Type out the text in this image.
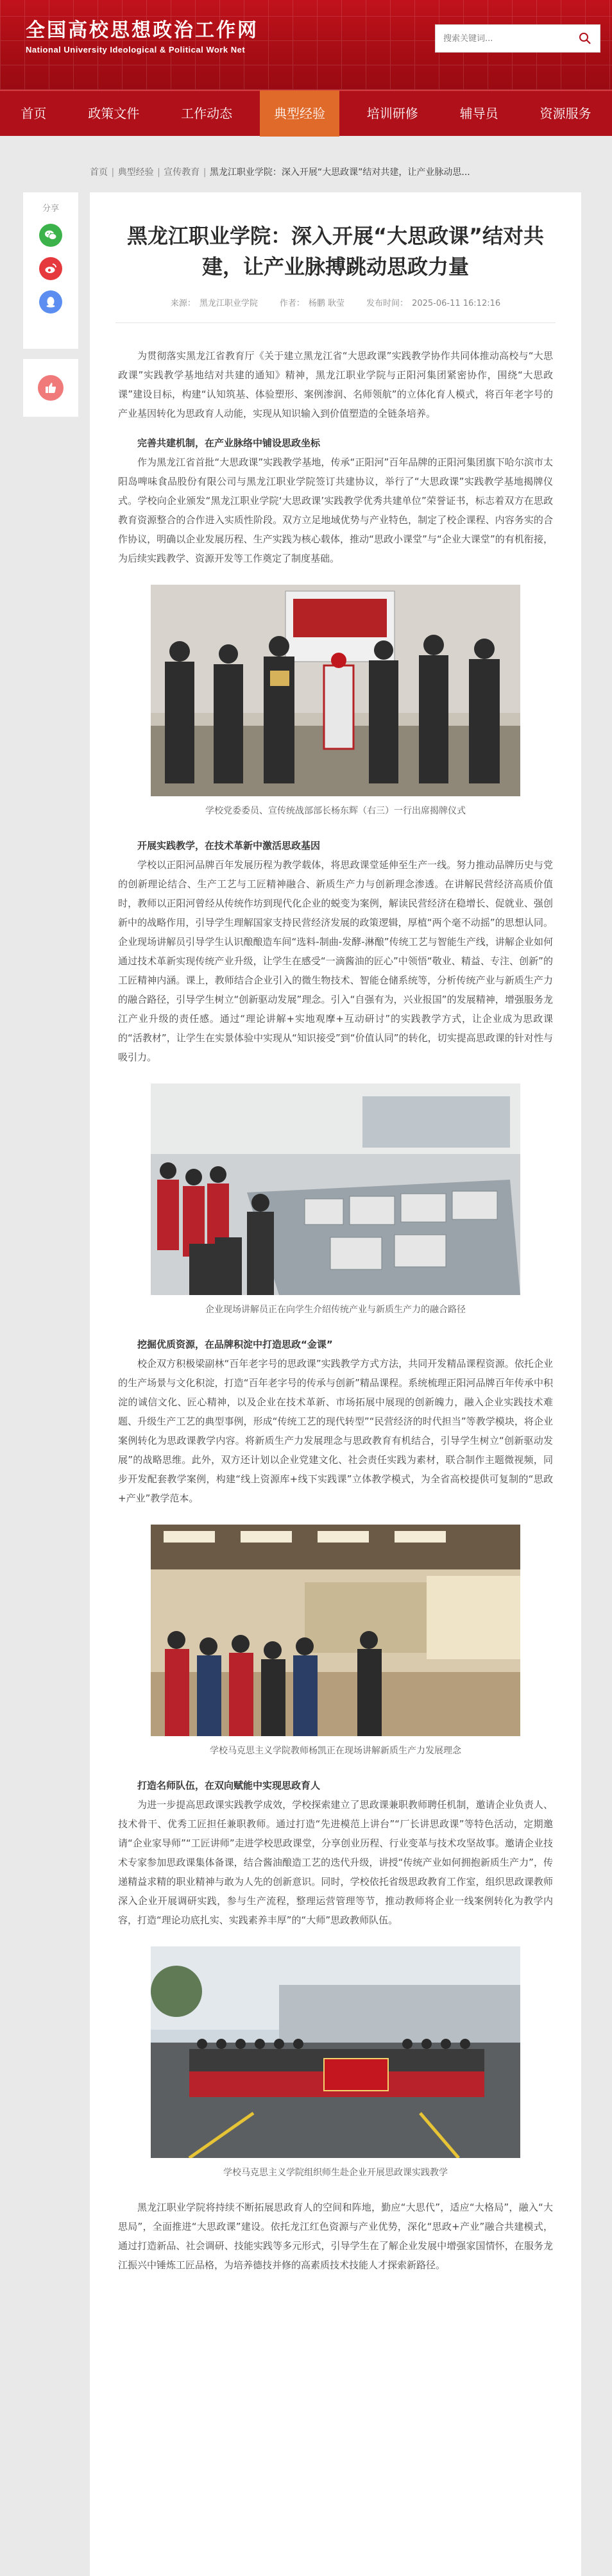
全国高校思想政治工作网
National University Ideological & Political Work Net
搜索关键词...
首页	政策文件	工作动态	典型经验	培训研修	辅导员	资源服务
首页 | 典型经验 | 宣传教育 | 黑龙江职业学院：深入开展“大思政课”结对共建，让产业脉动思...
分享
黑龙江职业学院：深入开展“大思政课”结对共建，让产业脉搏跳动思政力量
来源： 黑龙江职业学院	作者： 杨鹏 耿莹	发布时间： 2025-06-11 16:12:16

为贯彻落实黑龙江省教育厅《关于建立黑龙江省“大思政课”实践教学协作共同体推动高校与“大思政课”实践教学基地结对共建的通知》精神，黑龙江职业学院与正阳河集团紧密协作，围绕“大思政课”建设目标，构建“认知筑基、体验塑形、案例渗润、名师领航”的立体化育人模式，将百年老字号的产业基因转化为思政育人动能，实现从知识输入到价值塑造的全链条培养。

完善共建机制，在产业脉络中铺设思政坐标

作为黑龙江省首批“大思政课”实践教学基地，传承“正阳河”百年品牌的正阳河集团旗下哈尔滨市太阳岛啤味食品股份有限公司与黑龙江职业学院签订共建协议，举行了“大思政课”实践教学基地揭牌仪式。学校向企业颁发“黑龙江职业学院‘大思政课’实践教学优秀共建单位”荣誉证书，标志着双方在思政教育资源整合的合作进入实质性阶段。双方立足地域优势与产业特色，制定了校企课程、内容务实的合作协议，明确以企业发展历程、生产实践为核心载体，推动“思政小课堂”与“企业大课堂”的有机衔接，为后续实践教学、资源开发等工作奠定了制度基础。

学校党委委员、宣传统战部部长杨东辉（右三）一行出席揭牌仪式

开展实践教学，在技术革新中激活思政基因

学校以正阳河品牌百年发展历程为教学载体，将思政课堂延伸至生产一线。努力推动品牌历史与党的创新理论结合、生产工艺与工匠精神融合、新质生产力与创新理念渗透。在讲解民营经济高质价值时，教师以正阳河曾经从传统作坊到现代化企业的蜕变为案例，解读民营经济在稳增长、促就业、强创新中的战略作用，引导学生理解国家支持民营经济发展的政策逻辑，厚植“两个毫不动摇”的思想认同。企业现场讲解员引导学生认识酿酿造车间“选料-制曲-发酵-淋酿”传统工艺与智能生产线，讲解企业如何通过技术革新实现传统产业升级，让学生在感受“一滴酱油的匠心”中领悟“敬业、精益、专注、创新”的工匠精神内涵。课上，教师结合企业引入的微生物技术、智能仓储系统等，分析传统产业与新质生产力的融合路径，引导学生树立“创新驱动发展”理念。引入“自强有为，兴业报国”的发展精神，增强服务龙江产业升级的责任感。通过“理论讲解+实地观摩+互动研讨”的实践教学方式，让企业成为思政课的“活教材”，让学生在实景体验中实现从“知识接受”到“价值认同”的转化，切实提高思政课的针对性与吸引力。

企业现场讲解员正在向学生介绍传统产业与新质生产力的融合路径

挖掘优质资源，在品牌积淀中打造思政“金课”

校企双方积极梁副林“百年老字号的思政课”实践教学方式方法，共同开发精品课程资源。依托企业的生产场景与文化积淀，打造“百年老字号的传承与创新”精品课程。系统梳理正阳河品牌百年传承中积淀的诚信文化、匠心精神，以及企业在技术革新、市场拓展中展现的创新魄力，融入企业实践技术难题、升级生产工艺的典型事例，形成“传统工艺的现代转型”“民营经济的时代担当”等教学模块，将企业案例转化为思政课教学内容。将新质生产力发展理念与思政教育有机结合，引导学生树立“创新驱动发展”的战略思维。此外，双方还计划以企业党建文化、社会责任实践为素材，联合制作主题微视频，同步开发配套教学案例，构建“线上资源库+线下实践课”立体教学模式，为全省高校提供可复制的“思政+产业”教学范本。

学校马克思主义学院教师杨凯正在现场讲解新质生产力发展理念

打造名师队伍，在双向赋能中实现思政育人

为进一步提高思政课实践教学成效，学校探索建立了思政课兼职教师聘任机制，邀请企业负责人、技术骨干、优秀工匠担任兼职教师。通过打造“先进模范上讲台”“厂长讲思政课”等特色活动，定期邀请“企业家导师”“工匠讲师”走进学校思政课堂，分享创业历程、行业变革与技术攻坚故事。邀请企业技术专家参加思政课集体备课，结合酱油酿造工艺的迭代升级，讲授“传统产业如何拥抱新质生产力”，传递精益求精的职业精神与敢为人先的创新意识。同时，学校依托省级思政教育工作室，组织思政课教师深入企业开展调研实践，参与生产流程，整理运营管理等节，推动教师将企业一线案例转化为教学内容，打造“理论功底扎实、实践素养丰厚”的“大师”思政教师队伍。

学校马克思主义学院组织师生赴企业开展思政课实践教学

黑龙江职业学院将持续不断拓展思政育人的空间和阵地，勤应“大思代”，适应“大格局”，融入“大思局”，全面推进“大思政课”建设。依托龙江红色资源与产业优势，深化“思政+产业”融合共建模式，通过打造新品、社会调研、技能实践等多元形式，引导学生在了解企业发展中增强家国情怀，在服务龙江振兴中锤炼工匠品格，为培养德技并修的高素质技术技能人才探索新路径。
